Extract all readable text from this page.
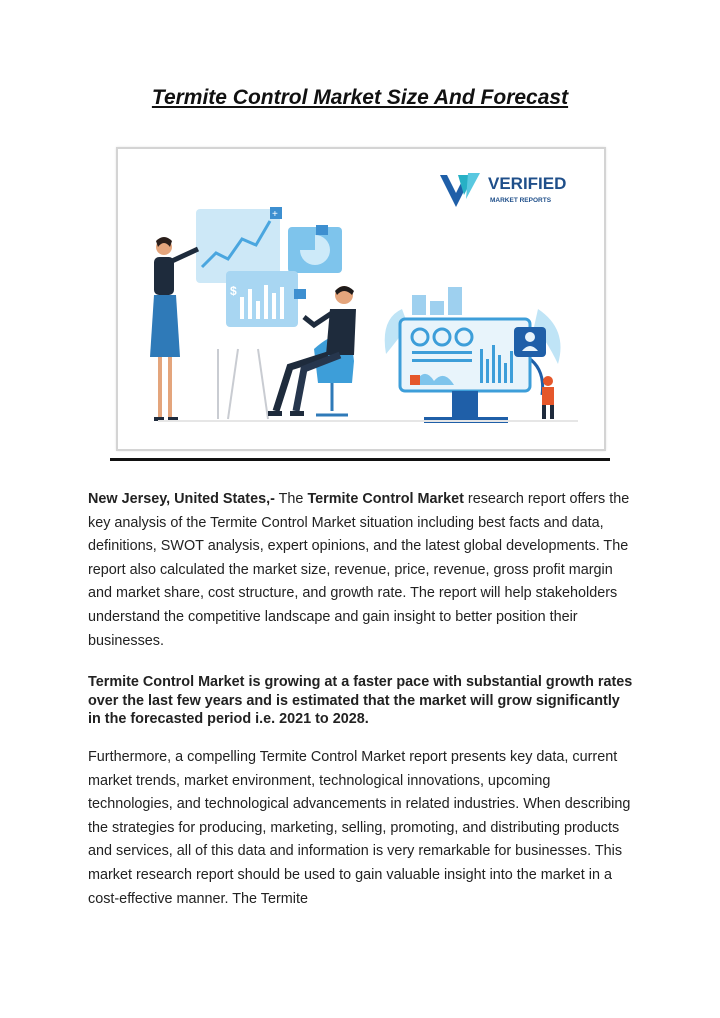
Termite Control Market Size And Forecast
VERIFIED
MARKET REPORTS
+
$
New Jersey, United States,- The Termite Control Market research report offers the key analysis of the Termite Control Market situation including best facts and data, definitions, SWOT analysis, expert opinions, and the latest global developments. The report also calculated the market size, revenue, price, revenue, gross profit margin and market share, cost structure, and growth rate. The report will help stakeholders understand the competitive landscape and gain insight to better position their businesses.
Termite Control Market is growing at a faster pace with substantial growth rates over the last few years and is estimated that the market will grow significantly in the forecasted period i.e. 2021 to 2028.
Furthermore, a compelling Termite Control Market report presents key data, current market trends, market environment, technological innovations, upcoming technologies, and technological advancements in related industries. When describing the strategies for producing, marketing, selling, promoting, and distributing products and services, all of this data and information is very remarkable for businesses. This market research report should be used to gain valuable insight into the market in a cost-effective manner. The Termite
